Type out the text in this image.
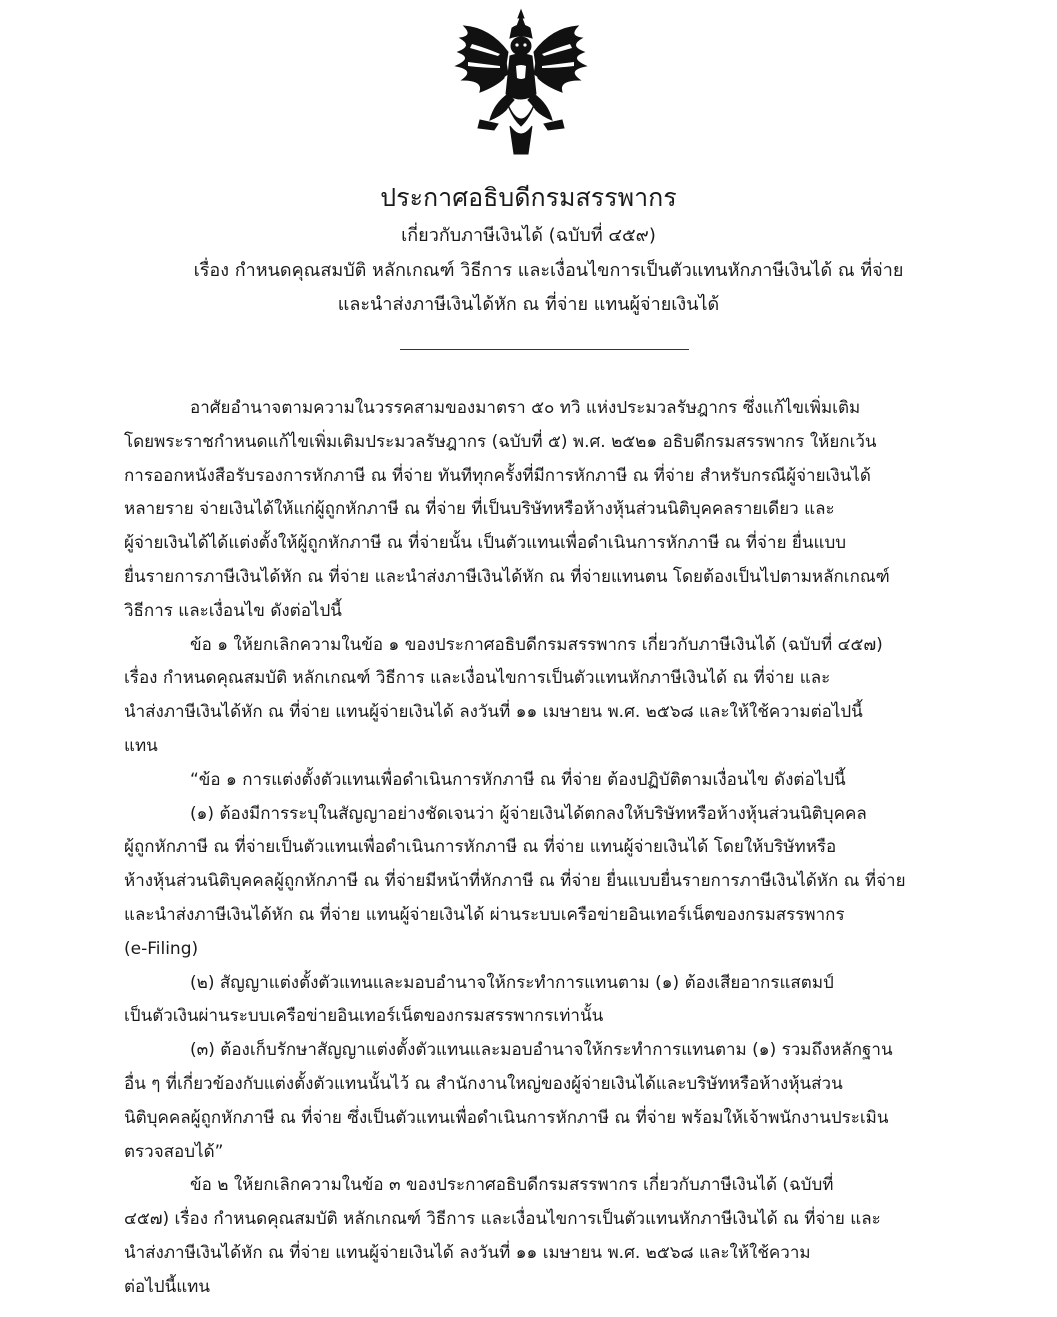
ประกาศอธิบดีกรมสรรพากร

เกี่ยวกับภาษีเงินได้ (ฉบับที่ ๔๕๙)

เรื่อง กำหนดคุณสมบัติ หลักเกณฑ์ วิธีการ และเงื่อนไขการเป็นตัวแทนหักภาษีเงินได้ ณ ที่จ่าย

และนำส่งภาษีเงินได้หัก ณ ที่จ่าย แทนผู้จ่ายเงินได้

อาศัยอำนาจตามความในวรรคสามของมาตรา ๕๐ ทวิ แห่งประมวลรัษฎากร ซึ่งแก้ไขเพิ่มเติม
โดยพระราชกำหนดแก้ไขเพิ่มเติมประมวลรัษฎากร (ฉบับที่ ๕) พ.ศ. ๒๕๒๑ อธิบดีกรมสรรพากร ให้ยกเว้น
การออกหนังสือรับรองการหักภาษี ณ ที่จ่าย ทันทีทุกครั้งที่มีการหักภาษี ณ ที่จ่าย สำหรับกรณีผู้จ่ายเงินได้
หลายราย จ่ายเงินได้ให้แก่ผู้ถูกหักภาษี ณ ที่จ่าย ที่เป็นบริษัทหรือห้างหุ้นส่วนนิติบุคคลรายเดียว และ
ผู้จ่ายเงินได้ได้แต่งตั้งให้ผู้ถูกหักภาษี ณ ที่จ่ายนั้น เป็นตัวแทนเพื่อดำเนินการหักภาษี ณ ที่จ่าย ยื่นแบบ
ยื่นรายการภาษีเงินได้หัก ณ ที่จ่าย และนำส่งภาษีเงินได้หัก ณ ที่จ่ายแทนตน โดยต้องเป็นไปตามหลักเกณฑ์
วิธีการ และเงื่อนไข ดังต่อไปนี้
ข้อ ๑ ให้ยกเลิกความในข้อ ๑ ของประกาศอธิบดีกรมสรรพากร เกี่ยวกับภาษีเงินได้ (ฉบับที่ ๔๕๗)
เรื่อง กำหนดคุณสมบัติ หลักเกณฑ์ วิธีการ และเงื่อนไขการเป็นตัวแทนหักภาษีเงินได้ ณ ที่จ่าย และ
นำส่งภาษีเงินได้หัก ณ ที่จ่าย แทนผู้จ่ายเงินได้ ลงวันที่ ๑๑ เมษายน พ.ศ. ๒๕๖๘ และให้ใช้ความต่อไปนี้
แทน
“ข้อ ๑ การแต่งตั้งตัวแทนเพื่อดำเนินการหักภาษี ณ ที่จ่าย ต้องปฏิบัติตามเงื่อนไข ดังต่อไปนี้
(๑) ต้องมีการระบุในสัญญาอย่างชัดเจนว่า ผู้จ่ายเงินได้ตกลงให้บริษัทหรือห้างหุ้นส่วนนิติบุคคล
ผู้ถูกหักภาษี ณ ที่จ่ายเป็นตัวแทนเพื่อดำเนินการหักภาษี ณ ที่จ่าย แทนผู้จ่ายเงินได้ โดยให้บริษัทหรือ
ห้างหุ้นส่วนนิติบุคคลผู้ถูกหักภาษี ณ ที่จ่ายมีหน้าที่หักภาษี ณ ที่จ่าย ยื่นแบบยื่นรายการภาษีเงินได้หัก ณ ที่จ่าย
และนำส่งภาษีเงินได้หัก ณ ที่จ่าย แทนผู้จ่ายเงินได้ ผ่านระบบเครือข่ายอินเทอร์เน็ตของกรมสรรพากร
(e-Filing)
(๒) สัญญาแต่งตั้งตัวแทนและมอบอำนาจให้กระทำการแทนตาม (๑) ต้องเสียอากรแสตมป์
เป็นตัวเงินผ่านระบบเครือข่ายอินเทอร์เน็ตของกรมสรรพากรเท่านั้น
(๓) ต้องเก็บรักษาสัญญาแต่งตั้งตัวแทนและมอบอำนาจให้กระทำการแทนตาม (๑) รวมถึงหลักฐาน
อื่น ๆ ที่เกี่ยวข้องกับแต่งตั้งตัวแทนนั้นไว้ ณ สำนักงานใหญ่ของผู้จ่ายเงินได้และบริษัทหรือห้างหุ้นส่วน
นิติบุคคลผู้ถูกหักภาษี ณ ที่จ่าย ซึ่งเป็นตัวแทนเพื่อดำเนินการหักภาษี ณ ที่จ่าย พร้อมให้เจ้าพนักงานประเมิน
ตรวจสอบได้”
ข้อ ๒ ให้ยกเลิกความในข้อ ๓ ของประกาศอธิบดีกรมสรรพากร เกี่ยวกับภาษีเงินได้ (ฉบับที่
๔๕๗) เรื่อง กำหนดคุณสมบัติ หลักเกณฑ์ วิธีการ และเงื่อนไขการเป็นตัวแทนหักภาษีเงินได้ ณ ที่จ่าย และ
นำส่งภาษีเงินได้หัก ณ ที่จ่าย แทนผู้จ่ายเงินได้ ลงวันที่ ๑๑ เมษายน พ.ศ. ๒๕๖๘ และให้ใช้ความ
ต่อไปนี้แทน
